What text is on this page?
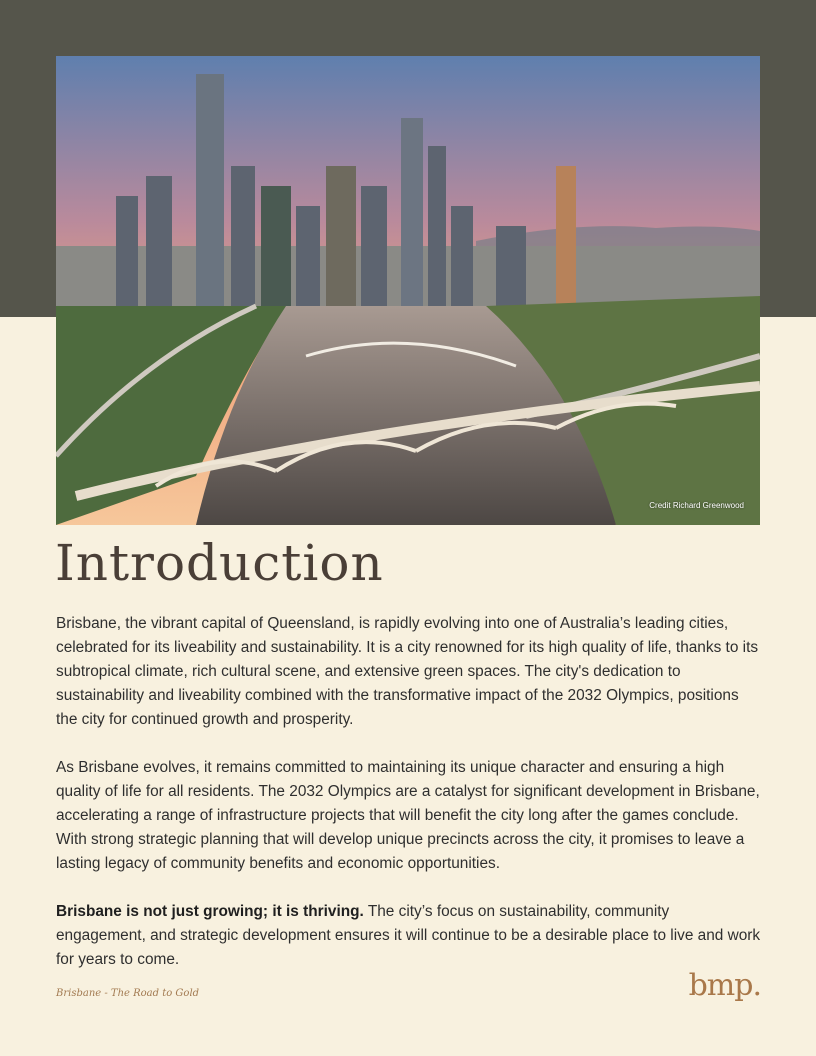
Credit Richard Greenwood
Introduction

Brisbane, the vibrant capital of Queensland, is rapidly evolving into one of Australia’s leading cities, celebrated for its liveability and sustainability. It is a city renowned for its high quality of life, thanks to its subtropical climate, rich cultural scene, and extensive green spaces. The city's dedication to sustainability and liveability combined with the transformative impact of the 2032 Olympics, positions the city for continued growth and prosperity.

As Brisbane evolves, it remains committed to maintaining its unique character and ensuring a high quality of life for all residents. The 2032 Olympics are a catalyst for significant development in Brisbane, accelerating a range of infrastructure projects that will benefit the city long after the games conclude. With strong strategic planning that will develop unique precincts across the city, it promises to leave a lasting legacy of community benefits and economic opportunities.

Brisbane is not just growing; it is thriving. The city’s focus on sustainability, community engagement, and strategic development ensures it will continue to be a desirable place to live and work for years to come.

Brisbane - The Road to Gold	bmp.
